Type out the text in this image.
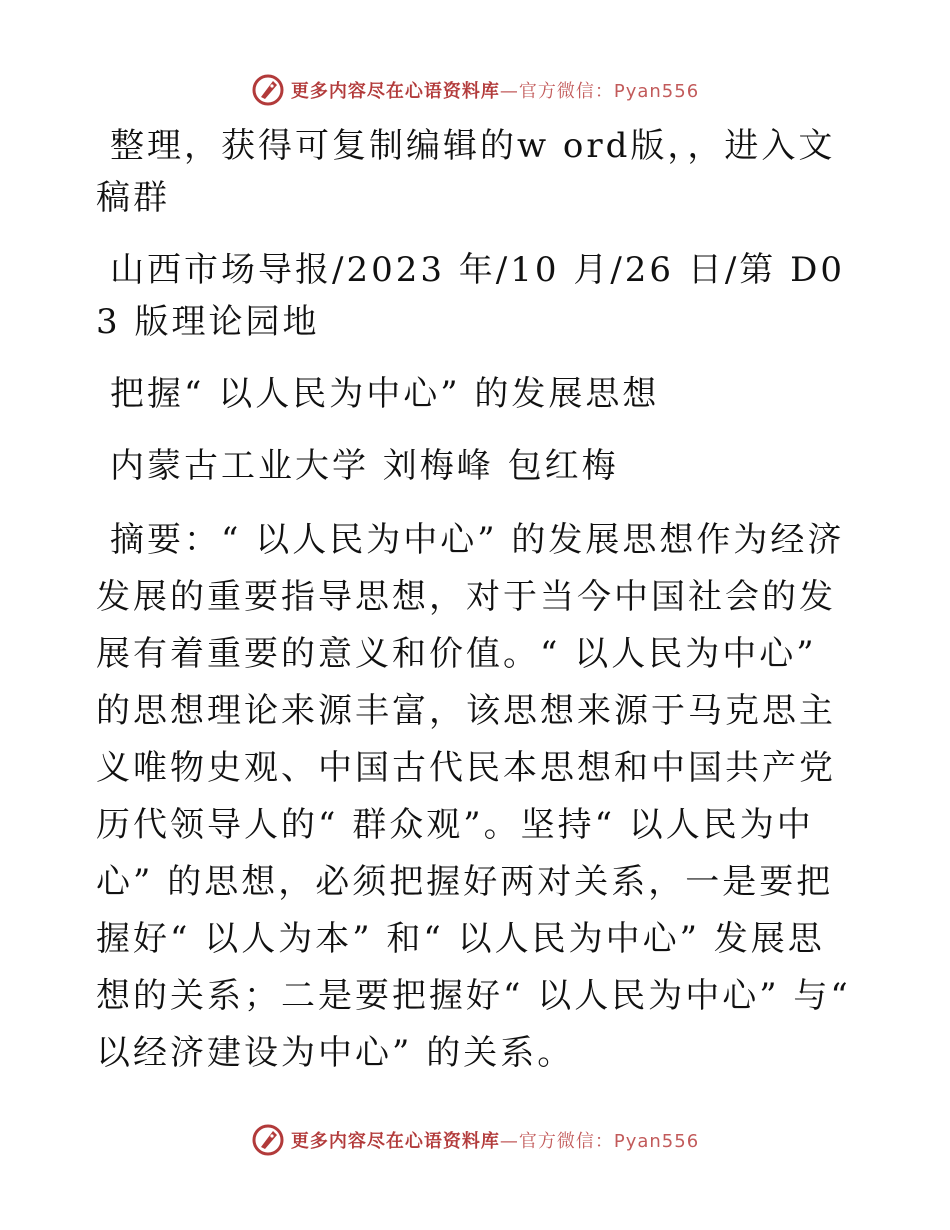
更多内容尽在心语资料库—官方微信：Pyan556

整理，获得可复制编辑的w ord版，，进入文稿群

山西市场导报/2023 年/10 月/26 日/第 D03 版理论园地

把握“ 以人民为中心” 的发展思想

内蒙古工业大学 刘梅峰 包红梅

摘要：“ 以人民为中心” 的发展思想作为经济发展的重要指导思想，对于当今中国社会的发展有着重要的意义和价值。“ 以人民为中心” 的思想理论来源丰富，该思想来源于马克思主义唯物史观、中国古代民本思想和中国共产党历代领导人的“ 群众观”。坚持“ 以人民为中心” 的思想，必须把握好两对关系，一是要把握好“ 以人为本” 和“ 以人民为中心” 发展思想的关系；二是要把握好“ 以人民为中心” 与“ 以经济建设为中心” 的关系。

更多内容尽在心语资料库—官方微信：Pyan556
